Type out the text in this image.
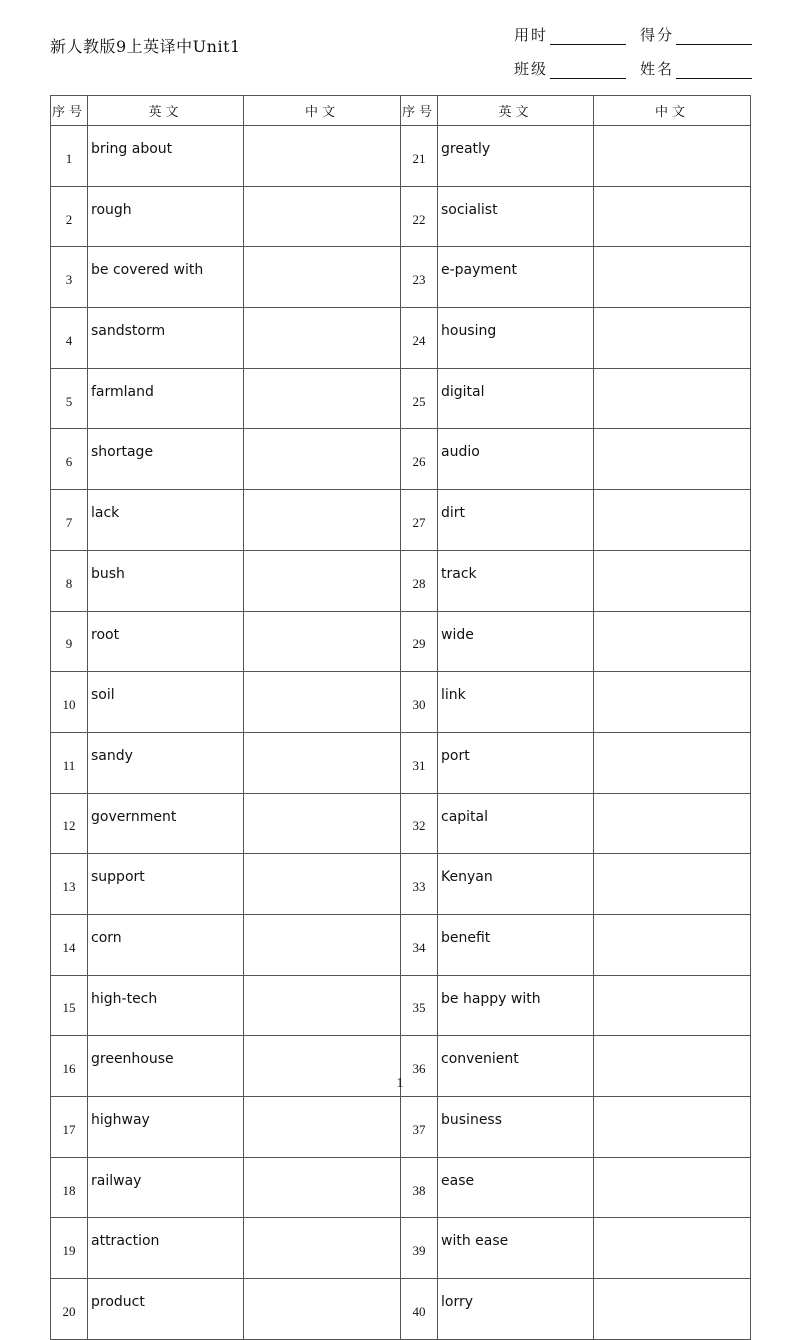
新人教版9上英译中Unit1
用时	得分
班级	姓名
序号	英文	中文	序号	英文	中文
1	bring about		21	greatly	
2	rough		22	socialist	
3	be covered with		23	e-payment	
4	sandstorm		24	housing	
5	farmland		25	digital	
6	shortage		26	audio	
7	lack		27	dirt	
8	bush		28	track	
9	root		29	wide	
10	soil		30	link	
11	sandy		31	port	
12	government		32	capital	
13	support		33	Kenyan	
14	corn		34	benefit	
15	high-tech		35	be happy with	
16	greenhouse		36	convenient	
17	highway		37	business	
18	railway		38	ease	
19	attraction		39	with ease	
20	product		40	lorry	
1
